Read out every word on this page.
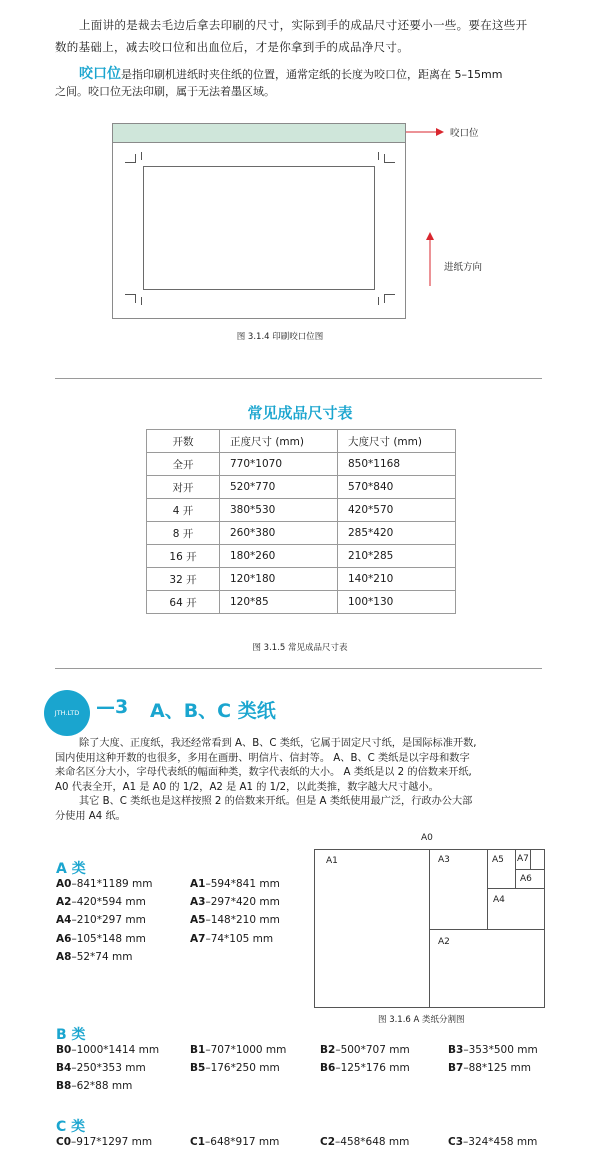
上面讲的是裁去毛边后拿去印刷的尺寸，实际到手的成品尺寸还要小一些。要在这些开
数的基础上，减去咬口位和出血位后，才是你拿到手的成品净尺寸。
咬口位是指印刷机进纸时夹住纸的位置，通常定纸的长度为咬口位，距离在 5–15mm
之间。咬口位无法印刷，属于无法着墨区域。
咬口位
进纸方向
图 3.1.4 印刷咬口位图
常见成品尺寸表
开数	正度尺寸 (mm)	大度尺寸 (mm)
全开	770*1070	850*1168
对开	520*770	570*840
4 开	380*530	420*570
8 开	260*380	285*420
16 开	180*260	210*285
32 开	120*180	140*210
64 开	120*85	100*130
图 3.1.5 常见成品尺寸表
JTH.LTD —3 A、B、C 类纸
除了大度、正度纸，我还经常看到 A、B、C 类纸，它属于固定尺寸纸，是国际标准开数,
国内使用这种开数的也很多，多用在画册、明信片、信封等。 A、B、C 类纸是以字母和数字
来命名区分大小，字母代表纸的幅面种类，数字代表纸的大小。 A 类纸是以 2 的倍数来开纸,
A0 代表全开，A1 是 A0 的 1/2，A2 是 A1 的 1/2，以此类推，数字越大尺寸越小。
其它 B、C 类纸也是这样按照 2 的倍数来开纸。但是 A 类纸使用最广泛，行政办公大部
分使用 A4 纸。
A 类
A0–841*1189 mm	A1–594*841 mm
A2–420*594 mm	A3–297*420 mm
A4–210*297 mm	A5–148*210 mm
A6–105*148 mm	A7–74*105 mm
A8–52*74 mm
A0
A1
A2
A3
A4
A5
A6
A7
图 3.1.6 A 类纸分割图
B 类
B0–1000*1414 mm	B1–707*1000 mm	B2–500*707 mm	B3–353*500 mm
B4–250*353 mm	B5–176*250 mm	B6–125*176 mm	B7–88*125 mm
B8–62*88 mm
C 类
C0–917*1297 mm	C1–648*917 mm	C2–458*648 mm	C3–324*458 mm
